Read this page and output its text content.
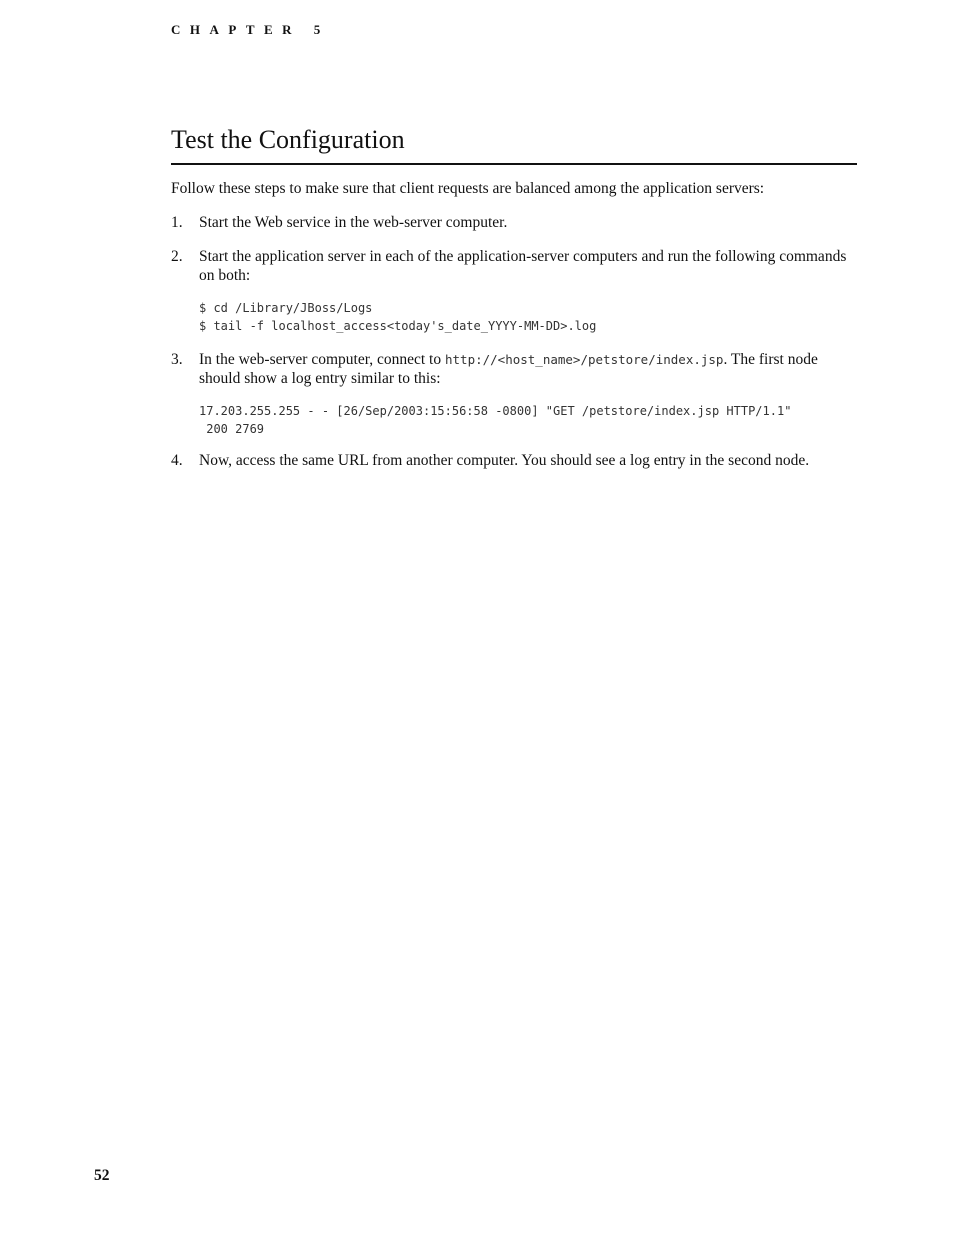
CHAPTER 5
Test the Configuration

Follow these steps to make sure that client requests are balanced among the application servers:

1. Start the Web service in the web-server computer.
2. Start the application server in each of the application-server computers and run the following commands on both:
$ cd /Library/JBoss/Logs
$ tail -f localhost_access<today's_date_YYYY-MM-DD>.log
3. In the web-server computer, connect to http://<host_name>/petstore/index.jsp. The first node should show a log entry similar to this:
17.203.255.255 - - [26/Sep/2003:15:56:58 -0800] "GET /petstore/index.jsp HTTP/1.1"
200 2769
4. Now, access the same URL from another computer. You should see a log entry in the second node.
52
